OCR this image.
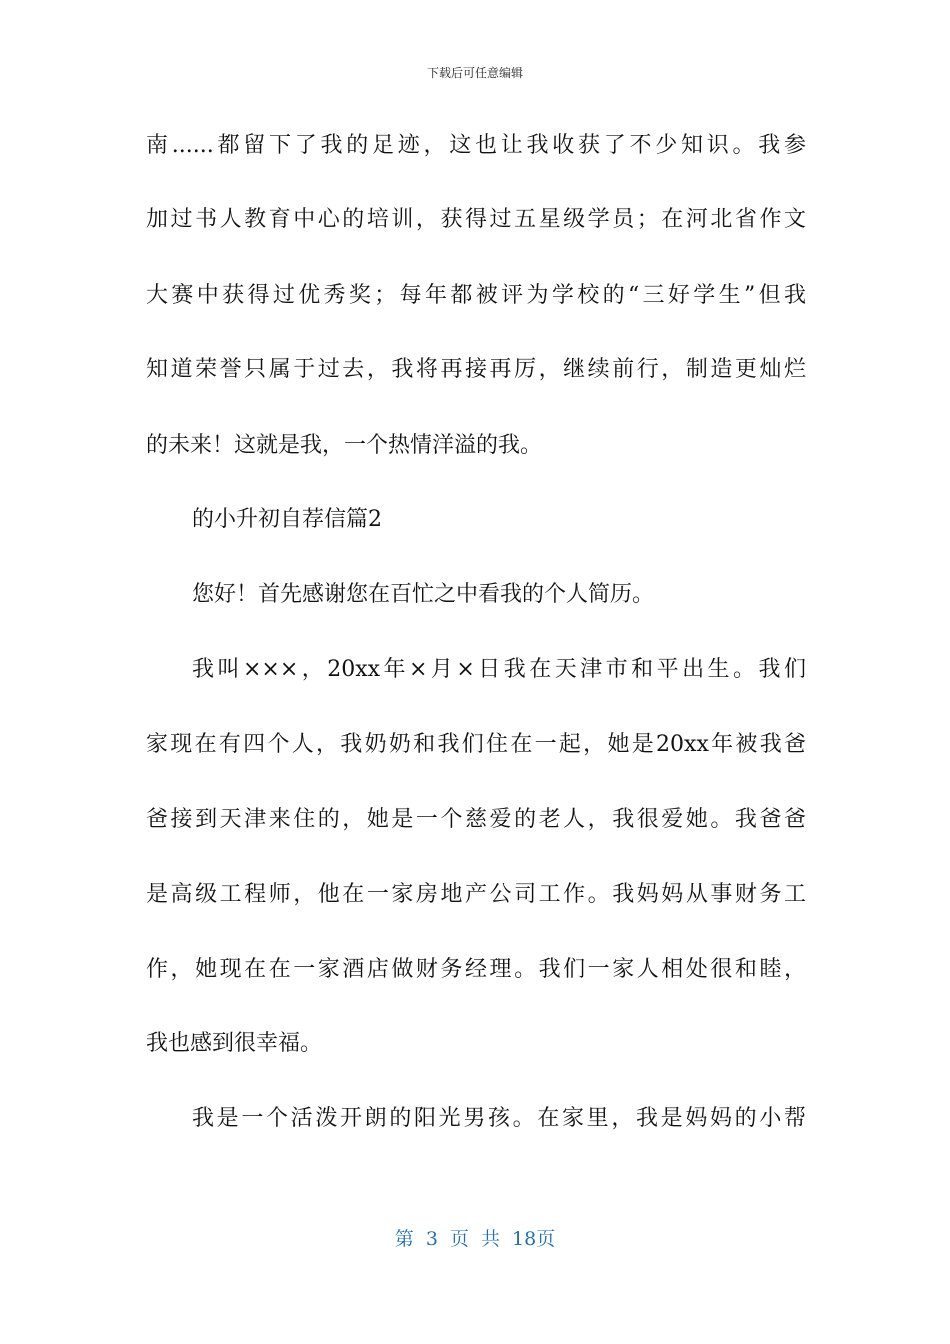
下载后可任意编辑
南......都留下了我的足迹，这也让我收获了不少知识。我参
加过书人教育中心的培训，获得过五星级学员；在河北省作文
大赛中获得过优秀奖；每年都被评为学校的“三好学生”但我
知道荣誉只属于过去，我将再接再厉，继续前行，制造更灿烂
的未来！这就是我，一个热情洋溢的我。
的小升初自荐信篇2
您好！首先感谢您在百忙之中看我的个人简历。
我叫×××，20xx年×月×日我在天津市和平出生。我们
家现在有四个人，我奶奶和我们住在一起，她是20xx年被我爸
爸接到天津来住的，她是一个慈爱的老人，我很爱她。我爸爸
是高级工程师，他在一家房地产公司工作。我妈妈从事财务工
作，她现在在一家酒店做财务经理。我们一家人相处很和睦，
我也感到很幸福。
我是一个活泼开朗的阳光男孩。在家里，我是妈妈的小帮
第 3 页 共 18页
